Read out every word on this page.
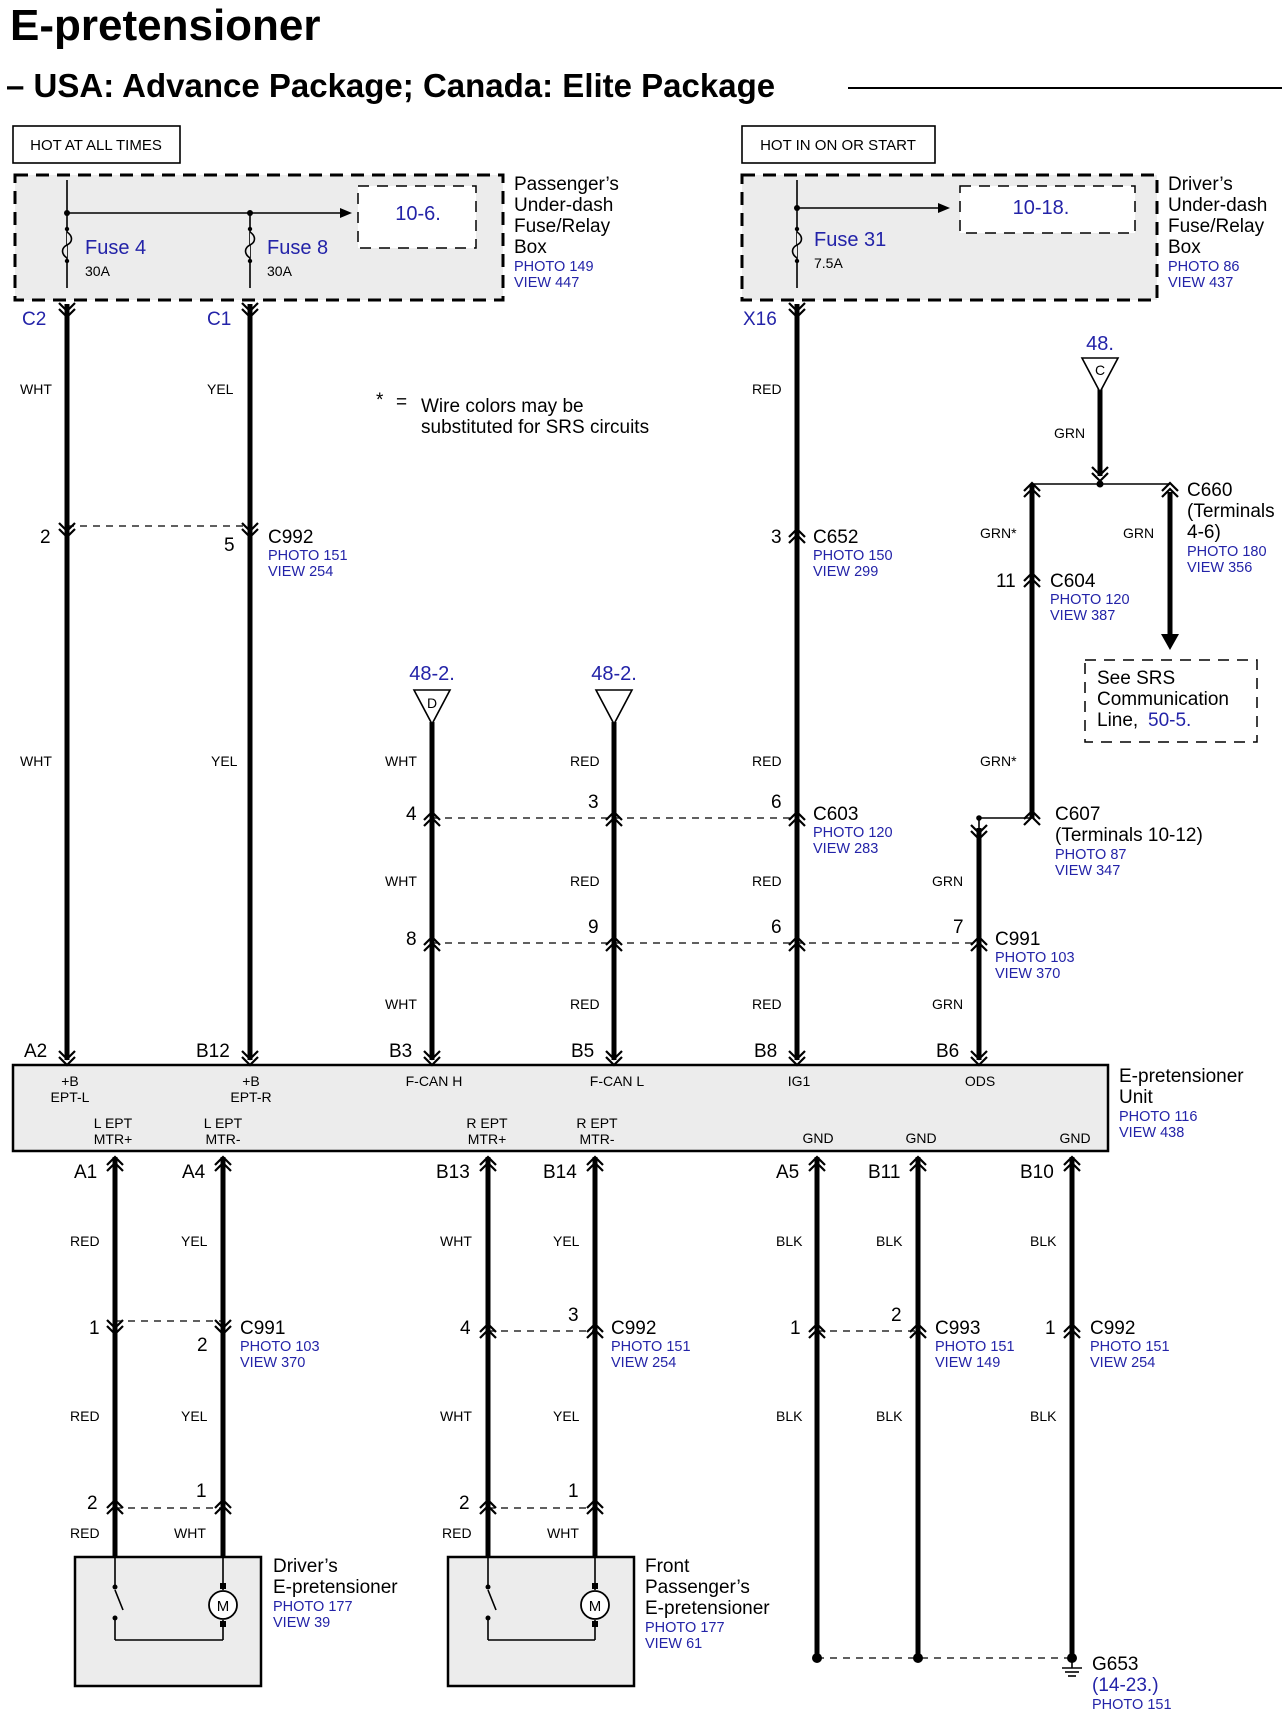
E-pretensioner
– USA: Advance Package; Canada: Elite Package
HOT AT ALL TIMES	HOT IN ON OR START
10-6.
Fuse 4
30A
Fuse 8
30A
Passenger’s
Under-dash
Fuse/Relay
Box
PHOTO 149
VIEW 447
C2	C1
10-18.
Fuse 31
7.5A
Driver’s
Under-dash
Fuse/Relay
Box
PHOTO 86
VIEW 437
X16
* = Wire colors may be
substituted for SRS circuits
WHT	YEL	RED
GRN
48.
C
GRN*	GRN
C660
(Terminals
4-6)
PHOTO 180
VIEW 356
See SRS
Communication
Line, 50-5.
2	5 C992
PHOTO 151
VIEW 254
3 C652
PHOTO 150
VIEW 299	11 C604
PHOTO 120
VIEW 387
48-2.
D
48-2.
WHT	YEL	WHT	RED	RED	GRN*
4
3	6
C603
PHOTO 120
VIEW 283
C607
(Terminals 10-12)
PHOTO 87
VIEW 347
WHT	RED	RED	GRN
8
9	6	7
C991
PHOTO 103
VIEW 370
WHT	RED	RED	GRN
A2	B12	B3	B5	B8	B6
+B
EPT-L
+B
EPT-R
F-CAN H	F-CAN L	IG1	ODS
L EPT
MTR+
L EPT
MTR-
R EPT
MTR+
R EPT
MTR-	GND	GND	GND
E-pretensioner
Unit
PHOTO 116
VIEW 438
A1	A4	B13	B14	A5	B11	B10
RED	YEL	WHT	YEL	BLK	BLK	BLK
1
2
C991
PHOTO 103
VIEW 370
4
3
C992
PHOTO 151
VIEW 254
1
2
C993
PHOTO 151
VIEW 149
1 C992
PHOTO 151
VIEW 254
RED	YEL	WHT	YEL	BLK	BLK	BLK
2
1
2
1
RED	WHT	RED	WHT
M
Driver’s
E-pretensioner
PHOTO 177
VIEW 39
M
Front
Passenger’s
E-pretensioner
PHOTO 177
VIEW 61
G653
(14-23.)
PHOTO 151
